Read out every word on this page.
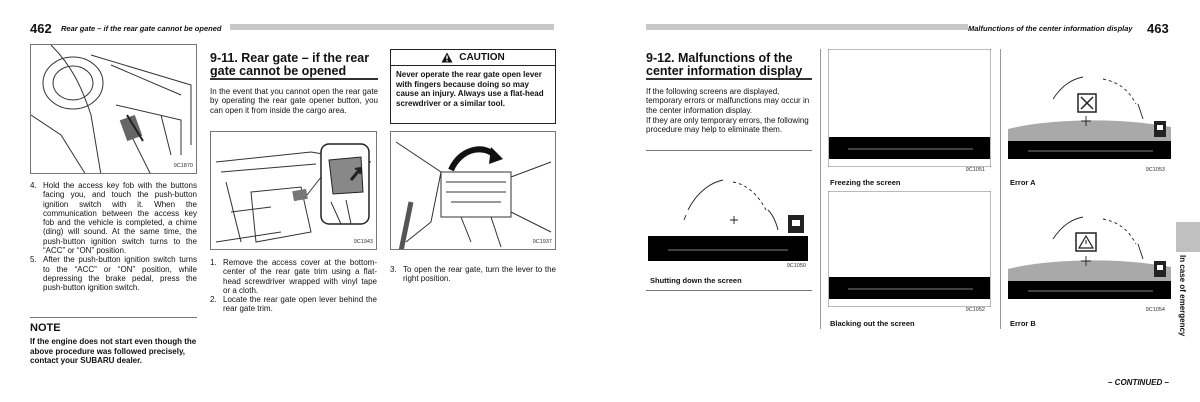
462 Rear gate – if the rear gate cannot be opened
9C1870
4. Hold the access key fob with the buttons facing you, and touch the push-button ignition switch with it. When the communication between the access key fob and the vehicle is completed, a chime (ding) will sound. At the same time, the push-button ignition switch turns to the “ACC” or “ON” position.
5. After the push-button ignition switch turns to the “ACC” or “ON” position, while depressing the brake pedal, press the push-button ignition switch.
NOTE
If the engine does not start even though the above procedure was followed precisely, contact your SUBARU dealer.
9-11. Rear gate – if the rear gate cannot be opened
In the event that you cannot open the rear gate by operating the rear gate opener button, you can open it from inside the cargo area.
9C1943
1. Remove the access cover at the bottom-center of the rear gate trim using a flat-head screwdriver wrapped with vinyl tape or a cloth.
2. Locate the rear gate open lever behind the rear gate trim.
CAUTION
Never operate the rear gate open lever with fingers because doing so may cause an injury. Always use a flat-head screwdriver or a similar tool.
9C1937
3. To open the rear gate, turn the lever to the right position.
Malfunctions of the center information display 463
9-12. Malfunctions of the center information display

If the following screens are displayed, temporary errors or malfunctions may occur in the center information display.

If they are only temporary errors, the following procedure may help to eliminate them.

9C1050
Shutting down the screen
9C1051
Freezing the screen
9C1052
Blacking out the screen
9C1053
Error A
9C1054
Error B	In case of emergency
– CONTINUED –
